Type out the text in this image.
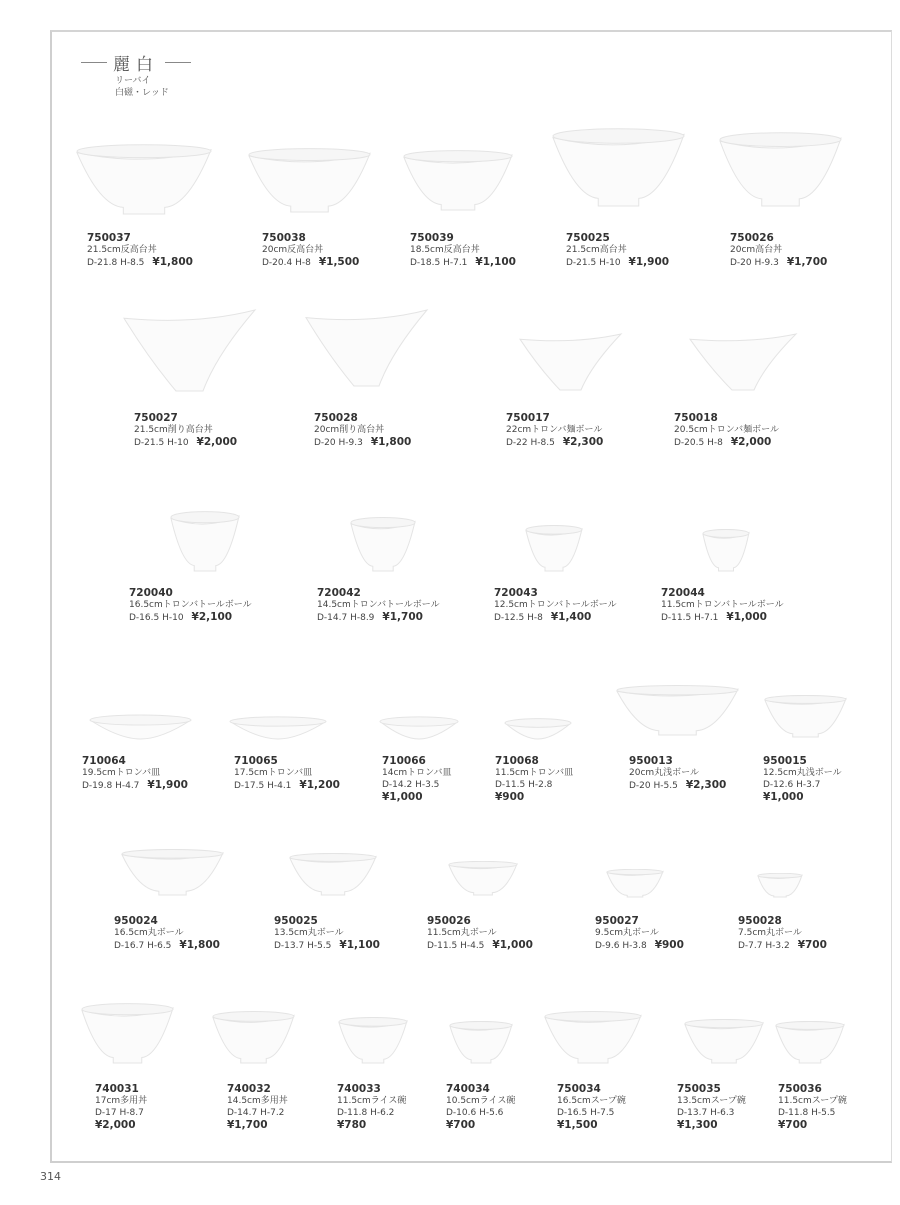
麗白
リーバイ
白磁・レッド
750037
21.5cm反高台丼
D-21.8 H-8.5 ¥1,800
750038
20cm反高台丼
D-20.4 H-8 ¥1,500
750039
18.5cm反高台丼
D-18.5 H-7.1 ¥1,100
750025
21.5cm高台丼
D-21.5 H-10 ¥1,900
750026
20cm高台丼
D-20 H-9.3 ¥1,700
750027
21.5cm削り高台丼
D-21.5 H-10 ¥2,000
750028
20cm削り高台丼
D-20 H-9.3 ¥1,800
750017
22cmトロンバ麺ボール
D-22 H-8.5 ¥2,300
750018
20.5cmトロンバ麺ボール
D-20.5 H-8 ¥2,000
720040
16.5cmトロンバトールボール
D-16.5 H-10 ¥2,100
720042
14.5cmトロンバトールボール
D-14.7 H-8.9 ¥1,700
720043
12.5cmトロンバトールボール
D-12.5 H-8 ¥1,400
720044
11.5cmトロンバトールボール
D-11.5 H-7.1 ¥1,000
710064
19.5cmトロンバ皿
D-19.8 H-4.7 ¥1,900
710065
17.5cmトロンバ皿
D-17.5 H-4.1 ¥1,200
710066
14cmトロンバ皿
D-14.2 H-3.5
¥1,000
710068
11.5cmトロンバ皿
D-11.5 H-2.8
¥900
950013
20cm丸浅ボール
D-20 H-5.5 ¥2,300
950015
12.5cm丸浅ボール
D-12.6 H-3.7
¥1,000
950024
16.5cm丸ボール
D-16.7 H-6.5 ¥1,800
950025
13.5cm丸ボール
D-13.7 H-5.5 ¥1,100
950026
11.5cm丸ボール
D-11.5 H-4.5 ¥1,000
950027
9.5cm丸ボール
D-9.6 H-3.8 ¥900
950028
7.5cm丸ボール
D-7.7 H-3.2 ¥700
740031
17cm多用丼
D-17 H-8.7
¥2,000
740032
14.5cm多用丼
D-14.7 H-7.2
¥1,700
740033
11.5cmライス碗
D-11.8 H-6.2
¥780
740034
10.5cmライス碗
D-10.6 H-5.6
¥700
750034
16.5cmスープ碗
D-16.5 H-7.5
¥1,500
750035
13.5cmスープ碗
D-13.7 H-6.3
¥1,300
750036
11.5cmスープ碗
D-11.8 H-5.5
¥700
314
